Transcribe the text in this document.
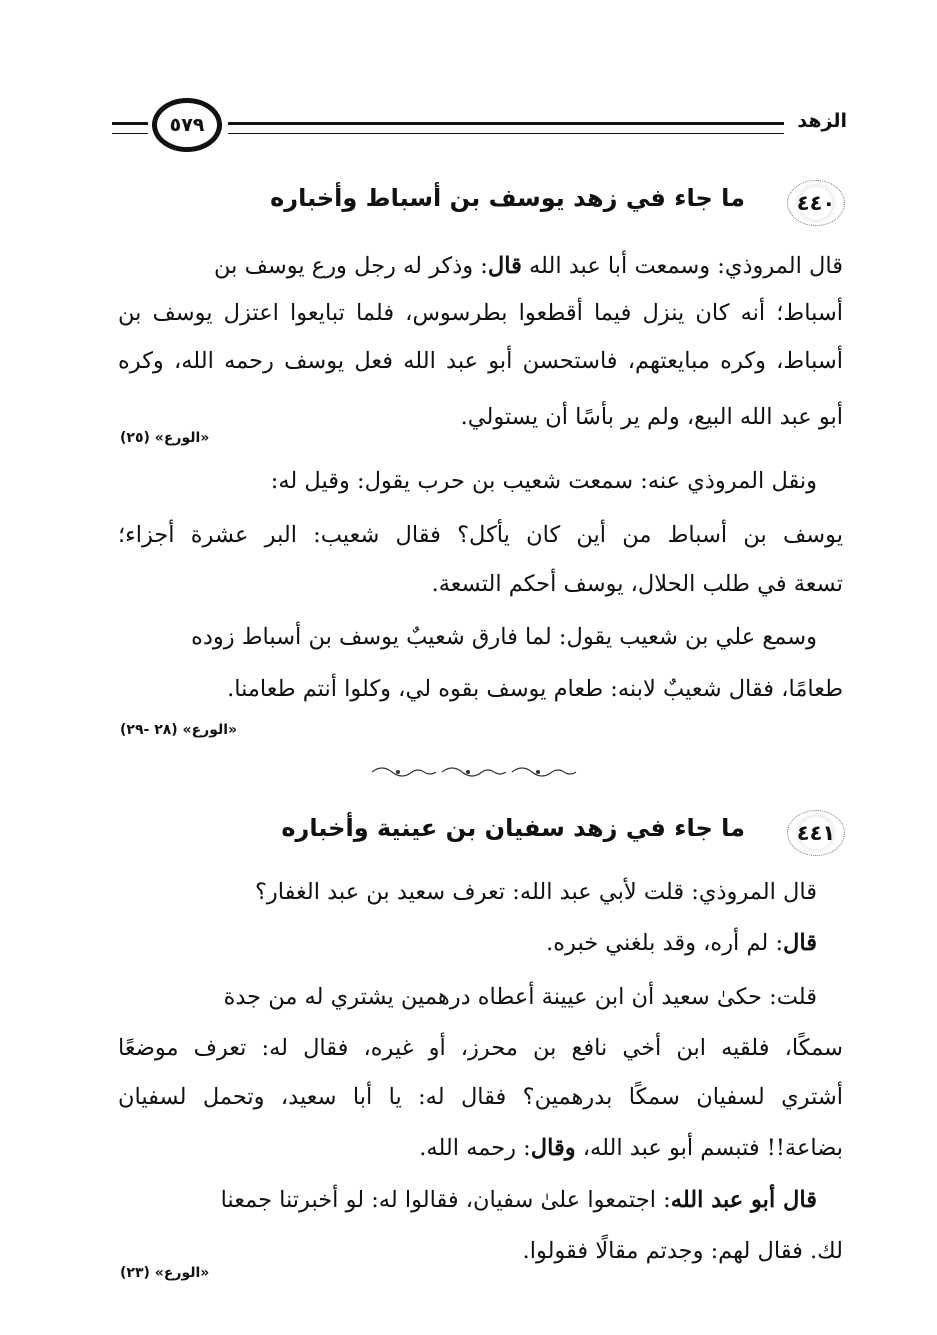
٥٧٩	الزهد
٤٤٠
ما جاء في زهد يوسف بن أسباط وأخباره
قال المروذي: وسمعت أبا عبد الله قال: وذكر له رجل ورع يوسف بن
أسباط؛ أنه كان ينزل فيما أقطعوا بطرسوس، فلما تبايعوا اعتزل يوسف بن
أسباط، وكره مبايعتهم، فاستحسن أبو عبد الله فعل يوسف رحمه الله، وكره
أبو عبد الله البيع، ولم ير بأسًا أن يستولي.
«الورع» (٢٥)
ونقل المروذي عنه: سمعت شعيب بن حرب يقول: وقيل له:
يوسف بن أسباط من أين كان يأكل؟ فقال شعيب: البر عشرة أجزاء؛
تسعة في طلب الحلال، يوسف أحكم التسعة.
وسمع علي بن شعيب يقول: لما فارق شعيبٌ يوسف بن أسباط زوده
طعامًا، فقال شعيبٌ لابنه: طعام يوسف بقوه لي، وكلوا أنتم طعامنا.
«الورع» (٢٨ -٢٩)
٤٤١
ما جاء في زهد سفيان بن عينية وأخباره
قال المروذي: قلت لأبي عبد الله: تعرف سعيد بن عبد الغفار؟
قال: لم أره، وقد بلغني خبره.
قلت: حكىٰ سعيد أن ابن عيينة أعطاه درهمين يشتري له من جدة
سمكًا، فلقيه ابن أخي نافع بن محرز، أو غيره، فقال له: تعرف موضعًا
أشتري لسفيان سمكًا بدرهمين؟ فقال له: يا أبا سعيد، وتحمل لسفيان
بضاعة!! فتبسم أبو عبد الله، وقال: رحمه الله.
قال أبو عبد الله: اجتمعوا علىٰ سفيان، فقالوا له: لو أخبرتنا جمعنا
لك. فقال لهم: وجدتم مقالًا فقولوا.
«الورع» (٢٣)
